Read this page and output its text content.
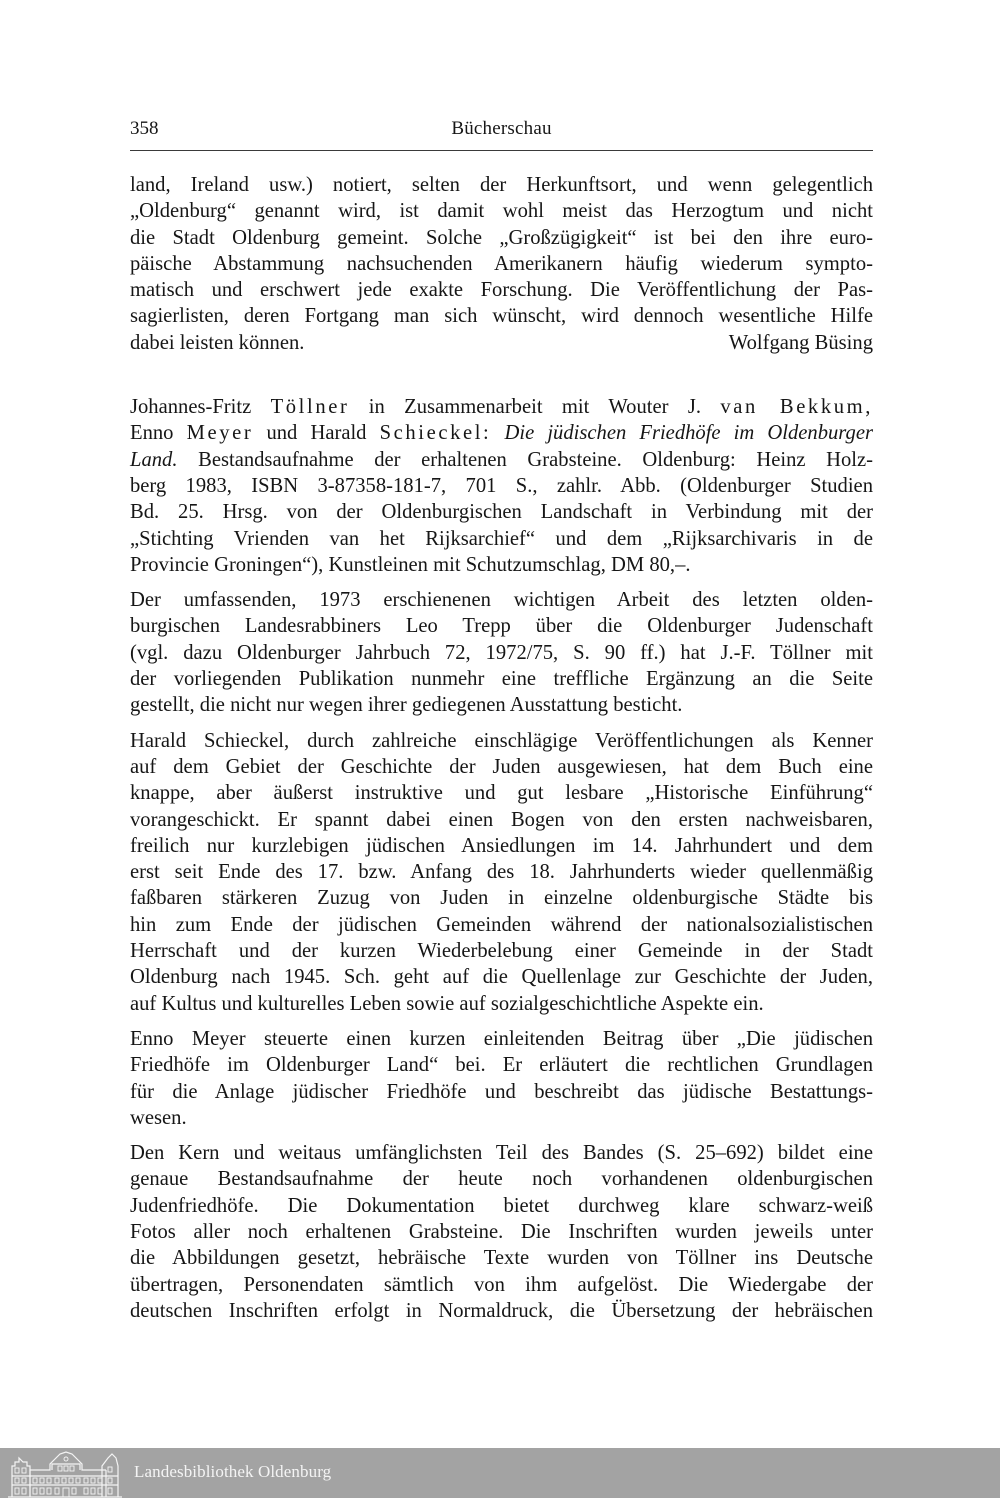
358	Bücherschau
land, Ireland usw.) notiert, selten der Herkunftsort, und wenn gelegentlich
„Oldenburg“ genannt wird, ist damit wohl meist das Herzogtum und nicht
die Stadt Oldenburg gemeint. Solche „Großzügigkeit“ ist bei den ihre euro-
päische Abstammung nachsuchenden Amerikanern häufig wiederum sympto-
matisch und erschwert jede exakte Forschung. Die Veröffentlichung der Pas-
sagierlisten, deren Fortgang man sich wünscht, wird dennoch wesentliche Hilfe
dabei leisten können.	Wolfgang Büsing
Johannes-Fritz Töllner in Zusammenarbeit mit Wouter J. van Bekkum,
Enno Meyer und Harald Schieckel: Die jüdischen Friedhöfe im Oldenburger
Land. Bestandsaufnahme der erhaltenen Grabsteine. Oldenburg: Heinz Holz-
berg 1983, ISBN 3-87358-181-7, 701 S., zahlr. Abb. (Oldenburger Studien
Bd. 25. Hrsg. von der Oldenburgischen Landschaft in Verbindung mit der
„Stichting Vrienden van het Rijksarchief“ und dem „Rijksarchivaris in de
Provincie Groningen“), Kunstleinen mit Schutzumschlag, DM 80,–.
Der umfassenden, 1973 erschienenen wichtigen Arbeit des letzten olden-
burgischen Landesrabbiners Leo Trepp über die Oldenburger Judenschaft
(vgl. dazu Oldenburger Jahrbuch 72, 1972/75, S. 90 ff.) hat J.-F. Töllner mit
der vorliegenden Publikation nunmehr eine treffliche Ergänzung an die Seite
gestellt, die nicht nur wegen ihrer gediegenen Ausstattung besticht.
Harald Schieckel, durch zahlreiche einschlägige Veröffentlichungen als Kenner
auf dem Gebiet der Geschichte der Juden ausgewiesen, hat dem Buch eine
knappe, aber äußerst instruktive und gut lesbare „Historische Einführung“
vorangeschickt. Er spannt dabei einen Bogen von den ersten nachweisbaren,
freilich nur kurzlebigen jüdischen Ansiedlungen im 14. Jahrhundert und dem
erst seit Ende des 17. bzw. Anfang des 18. Jahrhunderts wieder quellenmäßig
faßbaren stärkeren Zuzug von Juden in einzelne oldenburgische Städte bis
hin zum Ende der jüdischen Gemeinden während der nationalsozialistischen
Herrschaft und der kurzen Wiederbelebung einer Gemeinde in der Stadt
Oldenburg nach 1945. Sch. geht auf die Quellenlage zur Geschichte der Juden,
auf Kultus und kulturelles Leben sowie auf sozialgeschichtliche Aspekte ein.
Enno Meyer steuerte einen kurzen einleitenden Beitrag über „Die jüdischen
Friedhöfe im Oldenburger Land“ bei. Er erläutert die rechtlichen Grundlagen
für die Anlage jüdischer Friedhöfe und beschreibt das jüdische Bestattungs-
wesen.
Den Kern und weitaus umfänglichsten Teil des Bandes (S. 25–692) bildet eine
genaue Bestandsaufnahme der heute noch vorhandenen oldenburgischen
Judenfriedhöfe. Die Dokumentation bietet durchweg klare schwarz-weiß
Fotos aller noch erhaltenen Grabsteine. Die Inschriften wurden jeweils unter
die Abbildungen gesetzt, hebräische Texte wurden von Töllner ins Deutsche
übertragen, Personendaten sämtlich von ihm aufgelöst. Die Wiedergabe der
deutschen Inschriften erfolgt in Normaldruck, die Übersetzung der hebräischen
Landesbibliothek Oldenburg
